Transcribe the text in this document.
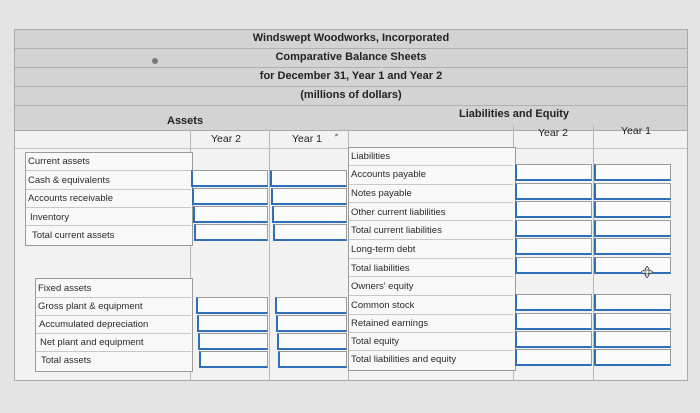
Windswept Woodworks, Incorporated
Comparative Balance Sheets
for December 31, Year 1 and Year 2
(millions of dollars)
Assets
Liabilities and Equity
Year 2	Year 1	Year 2	Year 1
Current assets
Cash & equivalents
Accounts receivable
Inventory
Total current assets
Fixed assets
Gross plant & equipment
Accumulated depreciation
Net plant and equipment
Total assets
Liabilities
Accounts payable
Notes payable
Other current liabilities
Total current liabilities
Long-term debt
Total liabilities
Owners' equity
Common stock
Retained earnings
Total equity
Total liabilities and equity
